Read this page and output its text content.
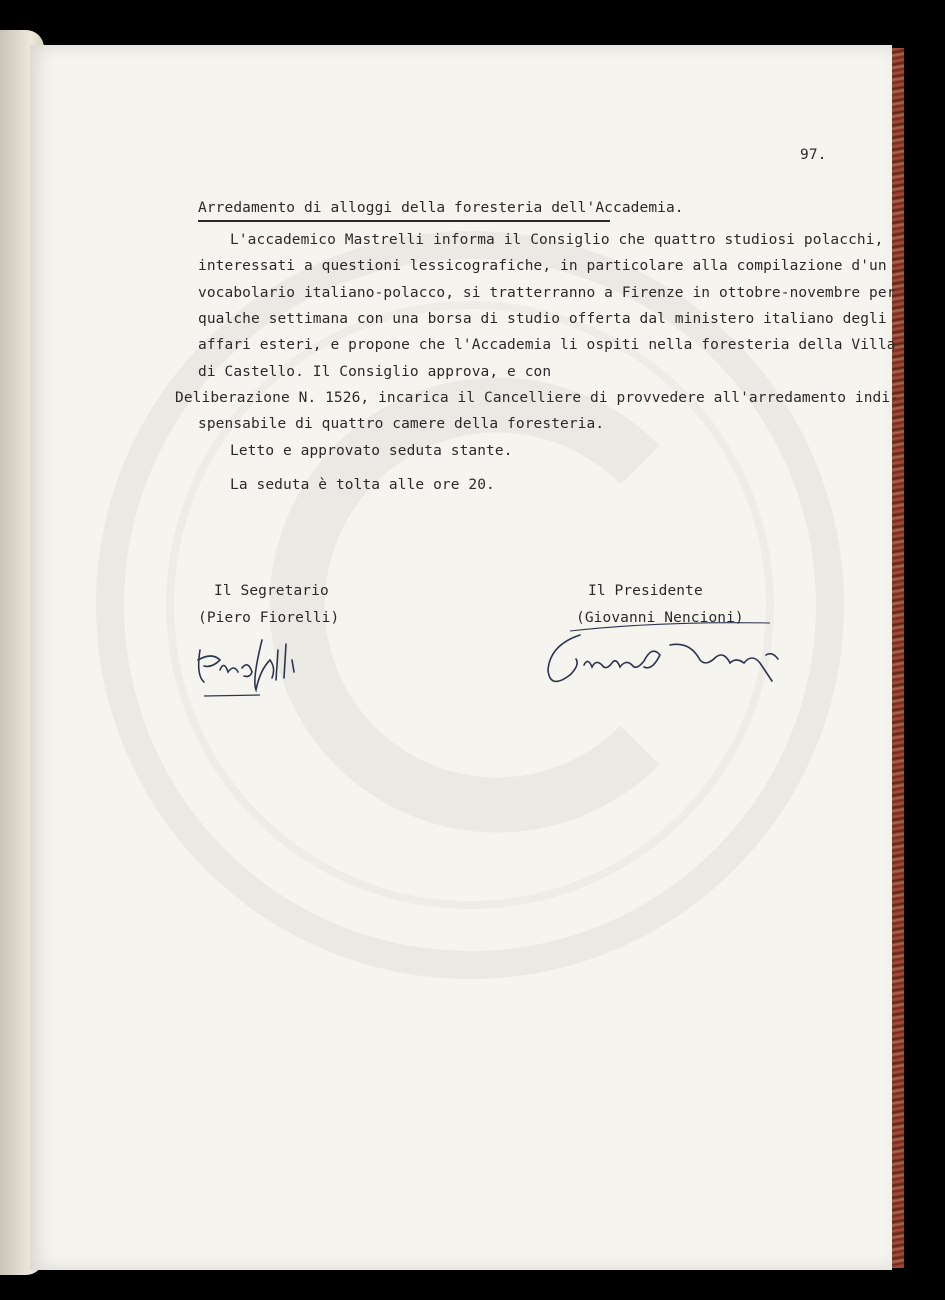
97.
Arredamento di alloggi della foresteria dell'Accademia.
L'accademico Mastrelli informa il Consiglio che quattro studiosi polacchi,
interessati a questioni lessicografiche, in particolare alla compilazione d'un
vocabolario italiano-polacco, si tratterranno a Firenze in ottobre-novembre per
qualche settimana con una borsa di studio offerta dal ministero italiano degli
affari esteri, e propone che l'Accademia li ospiti nella foresteria della Villa
di Castello. Il Consiglio approva, e con
Deliberazione N. 1526, incarica il Cancelliere di provvedere all'arredamento indi-
spensabile di quattro camere della foresteria.
Letto e approvato seduta stante.
La seduta è tolta alle ore 20.
Il Segretario
(Piero Fiorelli)
Il Presidente
(Giovanni Nencioni)
